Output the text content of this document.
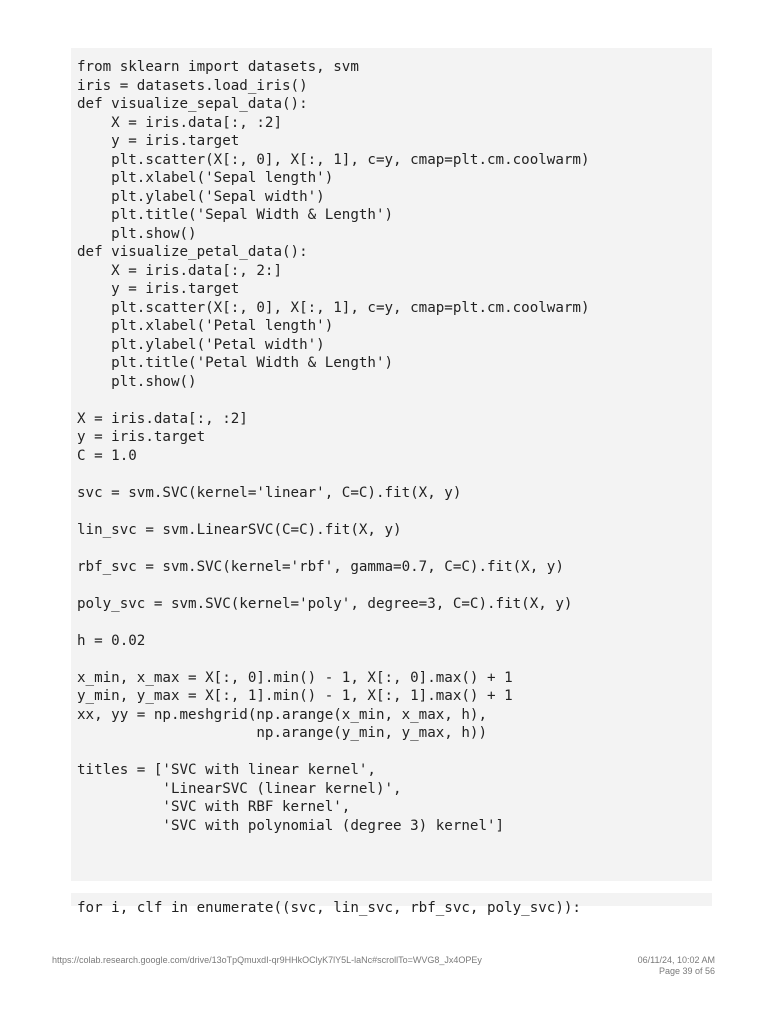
from sklearn import datasets, svm
iris = datasets.load_iris()
def visualize_sepal_data():
X = iris.data[:, :2]
y = iris.target
plt.scatter(X[:, 0], X[:, 1], c=y, cmap=plt.cm.coolwarm)
plt.xlabel('Sepal length')
plt.ylabel('Sepal width')
plt.title('Sepal Width & Length')
plt.show()
def visualize_petal_data():
X = iris.data[:, 2:]
y = iris.target
plt.scatter(X[:, 0], X[:, 1], c=y, cmap=plt.cm.coolwarm)
plt.xlabel('Petal length')
plt.ylabel('Petal width')
plt.title('Petal Width & Length')
plt.show()

X = iris.data[:, :2]
y = iris.target
C = 1.0

svc = svm.SVC(kernel='linear', C=C).fit(X, y)

lin_svc = svm.LinearSVC(C=C).fit(X, y)

rbf_svc = svm.SVC(kernel='rbf', gamma=0.7, C=C).fit(X, y)

poly_svc = svm.SVC(kernel='poly', degree=3, C=C).fit(X, y)

h = 0.02

x_min, x_max = X[:, 0].min() - 1, X[:, 0].max() + 1
y_min, y_max = X[:, 1].min() - 1, X[:, 1].max() + 1
xx, yy = np.meshgrid(np.arange(x_min, x_max, h),
np.arange(y_min, y_max, h))

titles = ['SVC with linear kernel',
'LinearSVC (linear kernel)',
'SVC with RBF kernel',
'SVC with polynomial (degree 3) kernel']
for i, clf in enumerate((svc, lin_svc, rbf_svc, poly_svc)):
https://colab.research.google.com/drive/13oTpQmuxdI-qr9HHkOClyK7lY5L-laNc#scrollTo=WVG8_Jx4OPEy	06/11/24, 10:02 AM
Page 39 of 56
